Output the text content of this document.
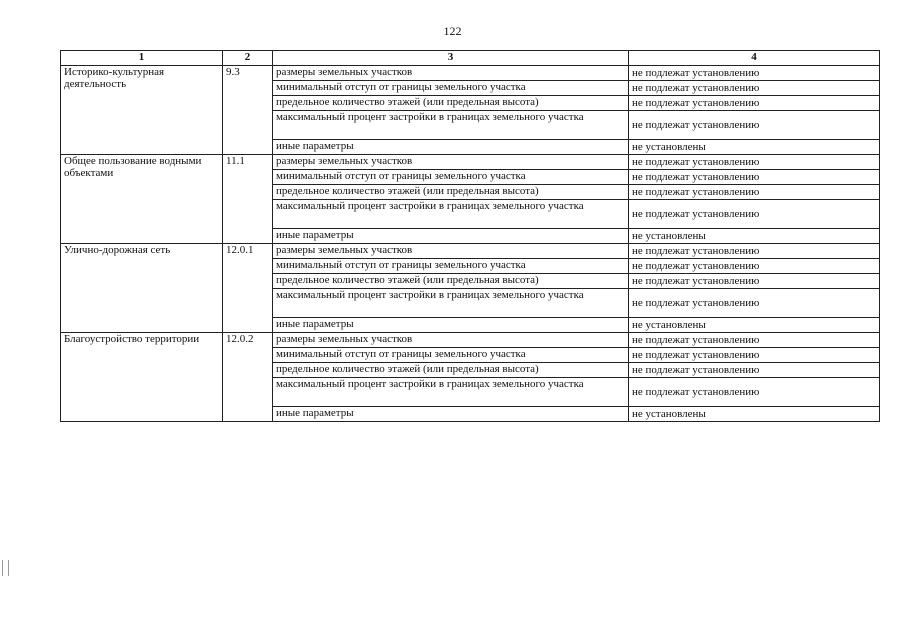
122
1	2	3	4
Историко-культурная деятельность	9.3	размеры земельных участков	не подлежат установлению
		минимальный отступ от границы земельного участка	не подлежат установлению
		предельное количество этажей (или предельная высота)	не подлежат установлению
		максимальный процент застройки в границах земельного участка	не подлежат установлению
		иные параметры	не установлены
Общее пользование водными объектами	11.1	размеры земельных участков	не подлежат установлению
		минимальный отступ от границы земельного участка	не подлежат установлению
		предельное количество этажей (или предельная высота)	не подлежат установлению
		максимальный процент застройки в границах земельного участка	не подлежат установлению
		иные параметры	не установлены
Улично-дорожная сеть	12.0.1	размеры земельных участков	не подлежат установлению
		минимальный отступ от границы земельного участка	не подлежат установлению
		предельное количество этажей (или предельная высота)	не подлежат установлению
		максимальный процент застройки в границах земельного участка	не подлежат установлению
		иные параметры	не установлены
Благоустройство территории	12.0.2	размеры земельных участков	не подлежат установлению
		минимальный отступ от границы земельного участка	не подлежат установлению
		предельное количество этажей (или предельная высота)	не подлежат установлению
		максимальный процент застройки в границах земельного участка	не подлежат установлению
		иные параметры	не установлены
